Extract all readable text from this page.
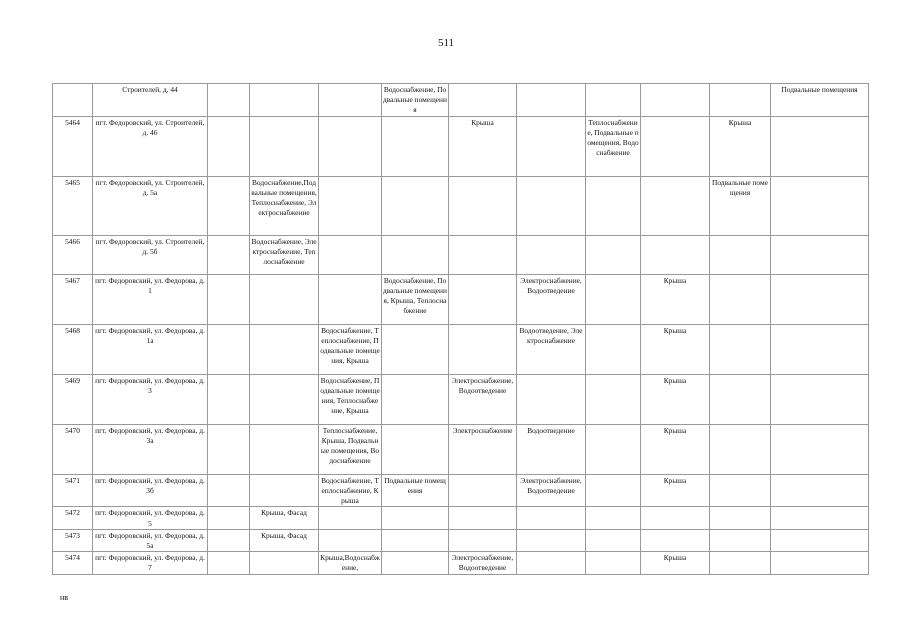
511
	Строителей, д. 44				Водоснабжение, Подвальные помещения						Подвальные помещения
5464	пгт. Федоровский, ул. Строителей, д. 46					Крыша		Теплоснабжение, Подвальные помещения, Водоснабжение		Крыша	
5465	пгт. Федоровский, ул. Строителей, д. 5а		Водоснабжение,Подвальные помещения, Теплоснабжение, Электроснабжение							Подвальные помещения	
5466	пгт. Федоровский, ул. Строителей, д. 5б		Водоснабжение, Электроснабжение, Теплоснабжение								
5467	пгт. Федоровский, ул. Федорова, д. 1				Водоснабжение, Подвальные помещения, Крыша, Теплоснабжение		Электроснабжение, Водоотведение		Крыша		
5468	пгт. Федоровский, ул. Федорова, д. 1а			Водоснабжение, Теплоснабжение, Подвальные помещения, Крыша			Водоотведение, Электроснабжение		Крыша		
5469	пгт. Федоровский, ул. Федорова, д. 3			Водоснабжение, Подвальные помещения, Теплоснабжение, Крыша		Электроснабжение, Водоотведение			Крыша		
5470	пгт. Федоровский, ул. Федорова, д. 3а			Теплоснабжение, Крыша, Подвальные помещения, Водоснабжение		Электроснабжение	Водоотведение		Крыша		
5471	пгт. Федоровский, ул. Федорова, д. 3б			Водоснабжение, Теплоснабжение, Крыша	Подвальные помещения		Электроснабжение, Водоотведение		Крыша		
5472	пгт. Федоровский, ул. Федорова, д. 5		Крыша, Фасад								
5473	пгт. Федоровский, ул. Федорова, д. 5а		Крыша, Фасад								
5474	пгт. Федоровский, ул. Федорова, д. 7			Крыша,Водоснабжение,		Электроснабжение, Водоотведение			Крыша		
нв
